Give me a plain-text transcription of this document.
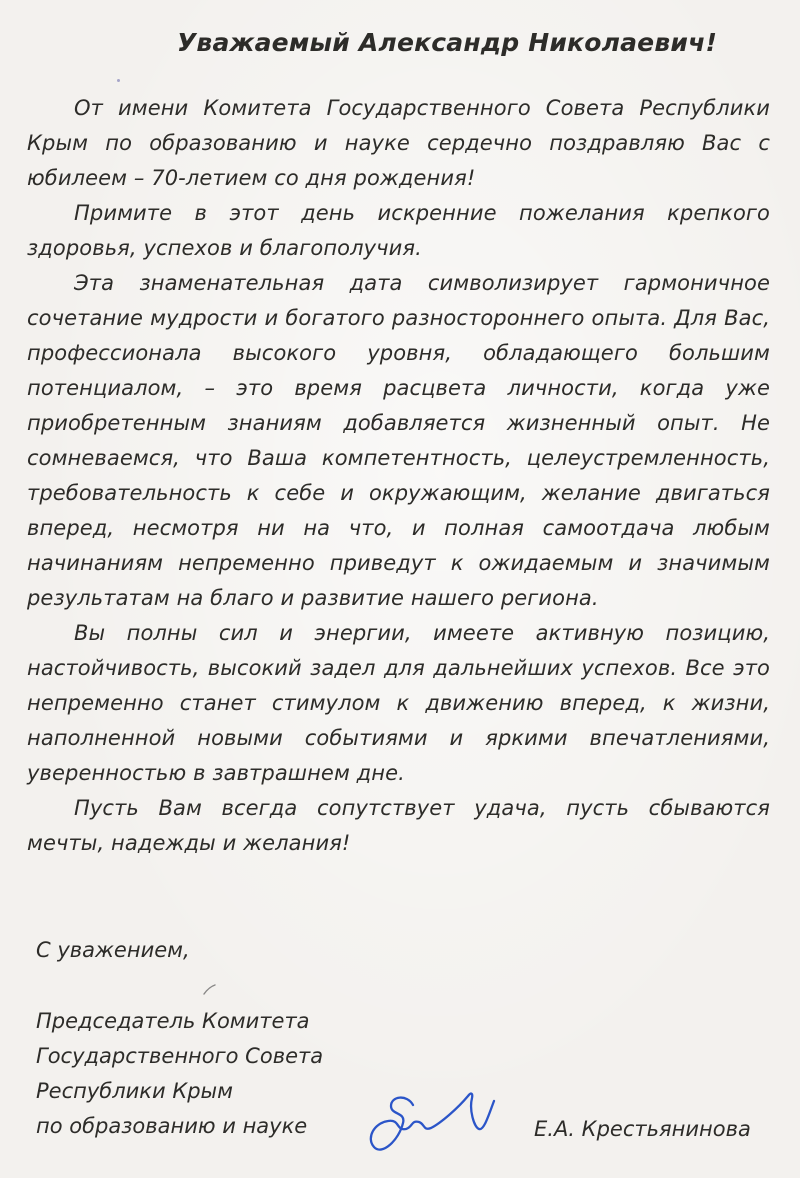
Уважаемый Александр Николаевич!

От имени Комитета Государственного Совета Республики Крым по образованию и науке сердечно поздравляю Вас с юбилеем – 70-летием со дня рождения!

Примите в этот день искренние пожелания крепкого здоровья, успехов и благополучия.

Эта знаменательная дата символизирует гармоничное сочетание мудрости и богатого разностороннего опыта. Для Вас, профессионала высокого уровня, обладающего большим потенциалом, – это время расцвета личности, когда уже приобретенным знаниям добавляется жизненный опыт. Не сомневаемся, что Ваша компетентность, целеустремленность, требовательность к себе и окружающим, желание двигаться вперед, несмотря ни на что, и полная самоотдача любым начинаниям непременно приведут к ожидаемым и значимым результатам на благо и развитие нашего региона.

Вы полны сил и энергии, имеете активную позицию, настойчивость, высокий задел для дальнейших успехов. Все это непременно станет стимулом к движению вперед, к жизни, наполненной новыми событиями и яркими впечатлениями, уверенностью в завтрашнем дне.

Пусть Вам всегда сопутствует удача, пусть сбываются мечты, надежды и желания!

С уважением,
Председатель Комитета
Государственного Совета
Республики Крым
по образованию и науке	Е.А. Крестьянинова
